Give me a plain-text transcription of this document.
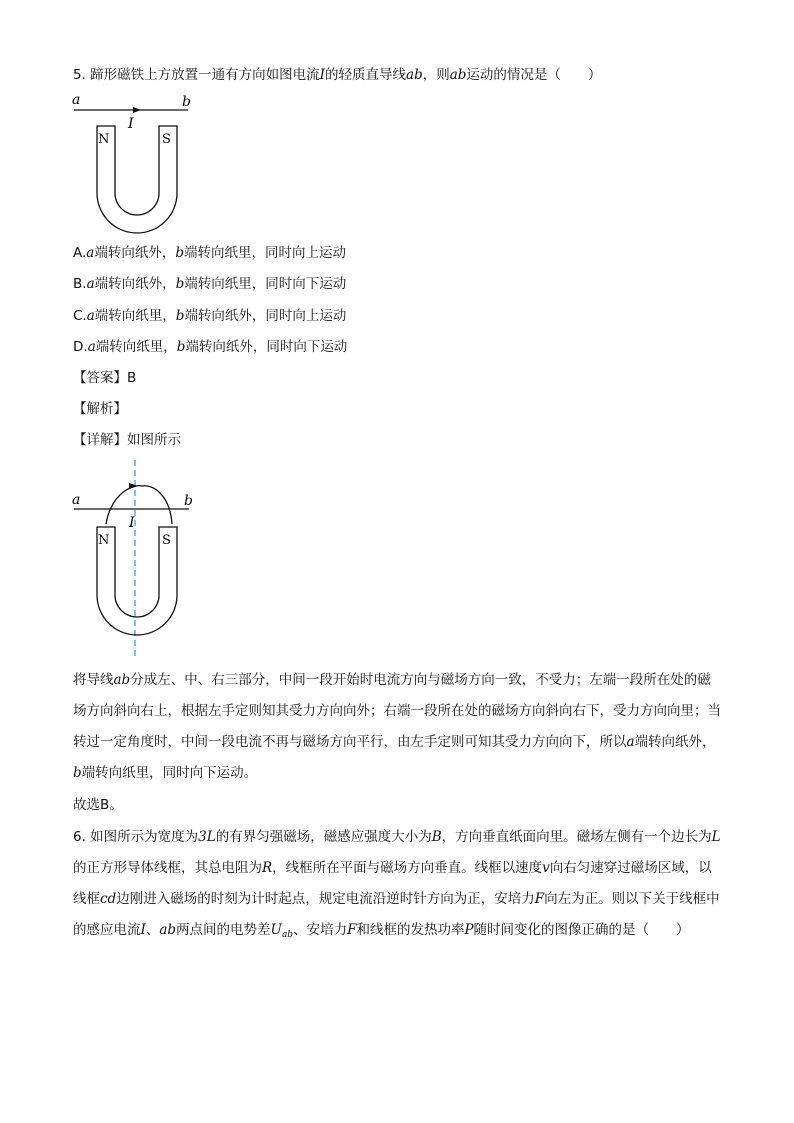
5. 蹄形磁铁上方放置一通有方向如图电流I的轻质直导线ab，则ab运动的情况是（　　）
a	b
I
N	S
A.a端转向纸外，b端转向纸里，同时向上运动
B.a端转向纸外，b端转向纸里，同时向下运动
C.a端转向纸里，b端转向纸外，同时向上运动
D.a端转向纸里，b端转向纸外，同时向下运动
【答案】B
【解析】
【详解】如图所示
a	b
I
N	S
将导线ab分成左、中、右三部分，中间一段开始时电流方向与磁场方向一致，不受力；左端一段所在处的磁场方向斜向右上，根据左手定则知其受力方向向外；右端一段所在处的磁场方向斜向右下，受力方向向里；当转过一定角度时，中间一段电流不再与磁场方向平行，由左手定则可知其受力方向向下，所以a端转向纸外，b端转向纸里，同时向下运动。
故选B。
6. 如图所示为宽度为3L的有界匀强磁场，磁感应强度大小为B，方向垂直纸面向里。磁场左侧有一个边长为L的正方形导体线框，其总电阻为R，线框所在平面与磁场方向垂直。线框以速度v向右匀速穿过磁场区域，以线框cd边刚进入磁场的时刻为计时起点，规定电流沿逆时针方向为正，安培力F向左为正。则以下关于线框中的感应电流I、ab两点间的电势差$U_{ab}$、安培力F和线框的发热功率P随时间变化的图像正确的是（　　）
